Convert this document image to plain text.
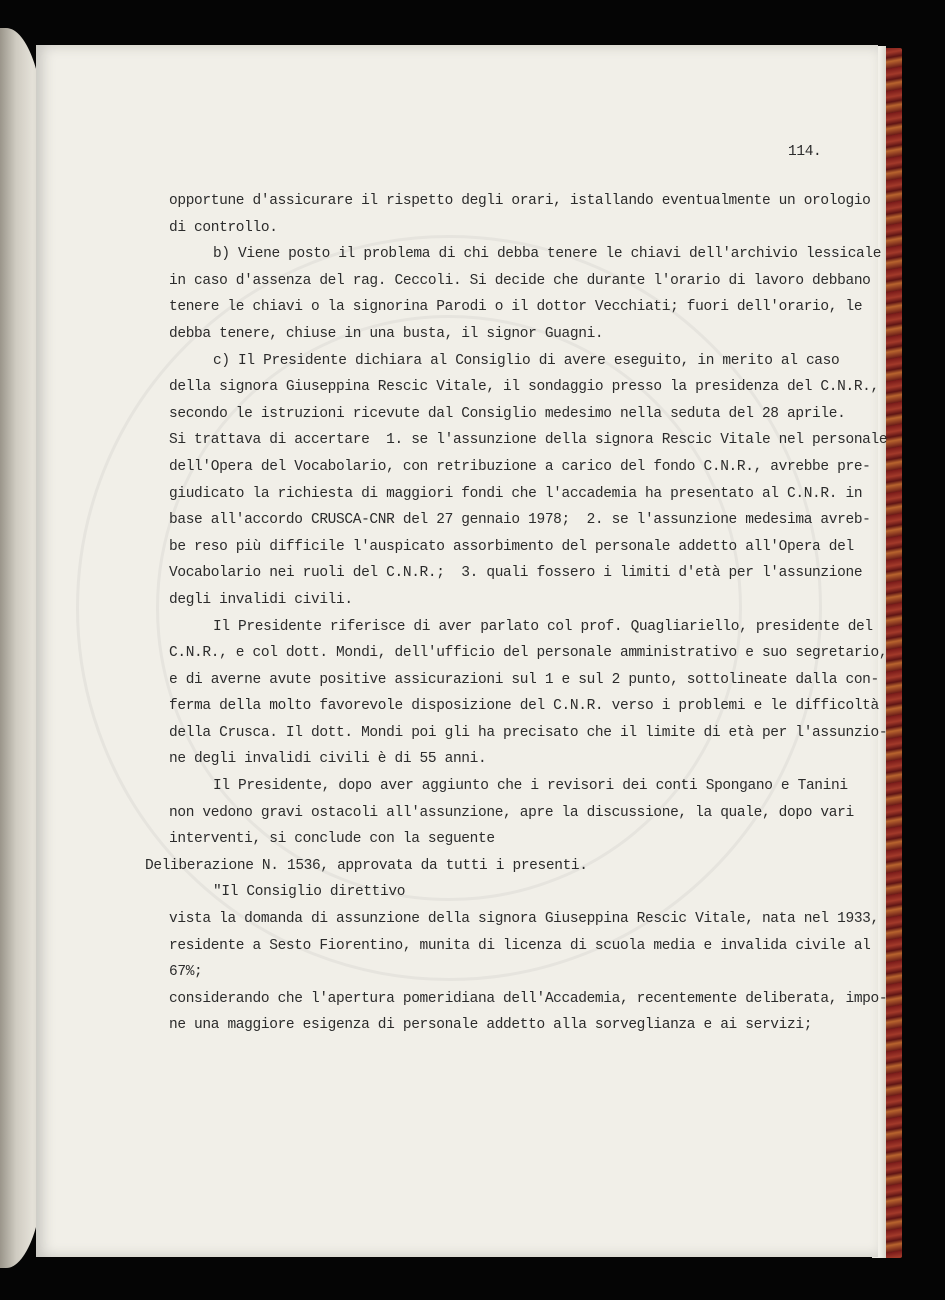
114.
opportune d'assicurare il rispetto degli orari, istallando eventualmente un orologio
di controllo.
b) Viene posto il problema di chi debba tenere le chiavi dell'archivio lessicale
in caso d'assenza del rag. Ceccoli. Si decide che durante l'orario di lavoro debbano
tenere le chiavi o la signorina Parodi o il dottor Vecchiati; fuori dell'orario, le
debba tenere, chiuse in una busta, il signor Guagni.
c) Il Presidente dichiara al Consiglio di avere eseguito, in merito al caso
della signora Giuseppina Rescic Vitale, il sondaggio presso la presidenza del C.N.R.,
secondo le istruzioni ricevute dal Consiglio medesimo nella seduta del 28 aprile.
Si trattava di accertare  1. se l'assunzione della signora Rescic Vitale nel personale
dell'Opera del Vocabolario, con retribuzione a carico del fondo C.N.R., avrebbe pre-
giudicato la richiesta di maggiori fondi che l'accademia ha presentato al C.N.R. in
base all'accordo CRUSCA-CNR del 27 gennaio 1978;  2. se l'assunzione medesima avreb-
be reso più difficile l'auspicato assorbimento del personale addetto all'Opera del
Vocabolario nei ruoli del C.N.R.;  3. quali fossero i limiti d'età per l'assunzione
degli invalidi civili.
Il Presidente riferisce di aver parlato col prof. Quagliariello, presidente del
C.N.R., e col dott. Mondi, dell'ufficio del personale amministrativo e suo segretario,
e di averne avute positive assicurazioni sul 1 e sul 2 punto, sottolineate dalla con-
ferma della molto favorevole disposizione del C.N.R. verso i problemi e le difficoltà
della Crusca. Il dott. Mondi poi gli ha precisato che il limite di età per l'assunzio-
ne degli invalidi civili è di 55 anni.
Il Presidente, dopo aver aggiunto che i revisori dei conti Spongano e Tanini
non vedono gravi ostacoli all'assunzione, apre la discussione, la quale, dopo vari
interventi, si conclude con la seguente
Deliberazione N. 1536, approvata da tutti i presenti.
"Il Consiglio direttivo
vista la domanda di assunzione della signora Giuseppina Rescic Vitale, nata nel 1933,
residente a Sesto Fiorentino, munita di licenza di scuola media e invalida civile al
67%;
considerando che l'apertura pomeridiana dell'Accademia, recentemente deliberata, impo-
ne una maggiore esigenza di personale addetto alla sorveglianza e ai servizi;
